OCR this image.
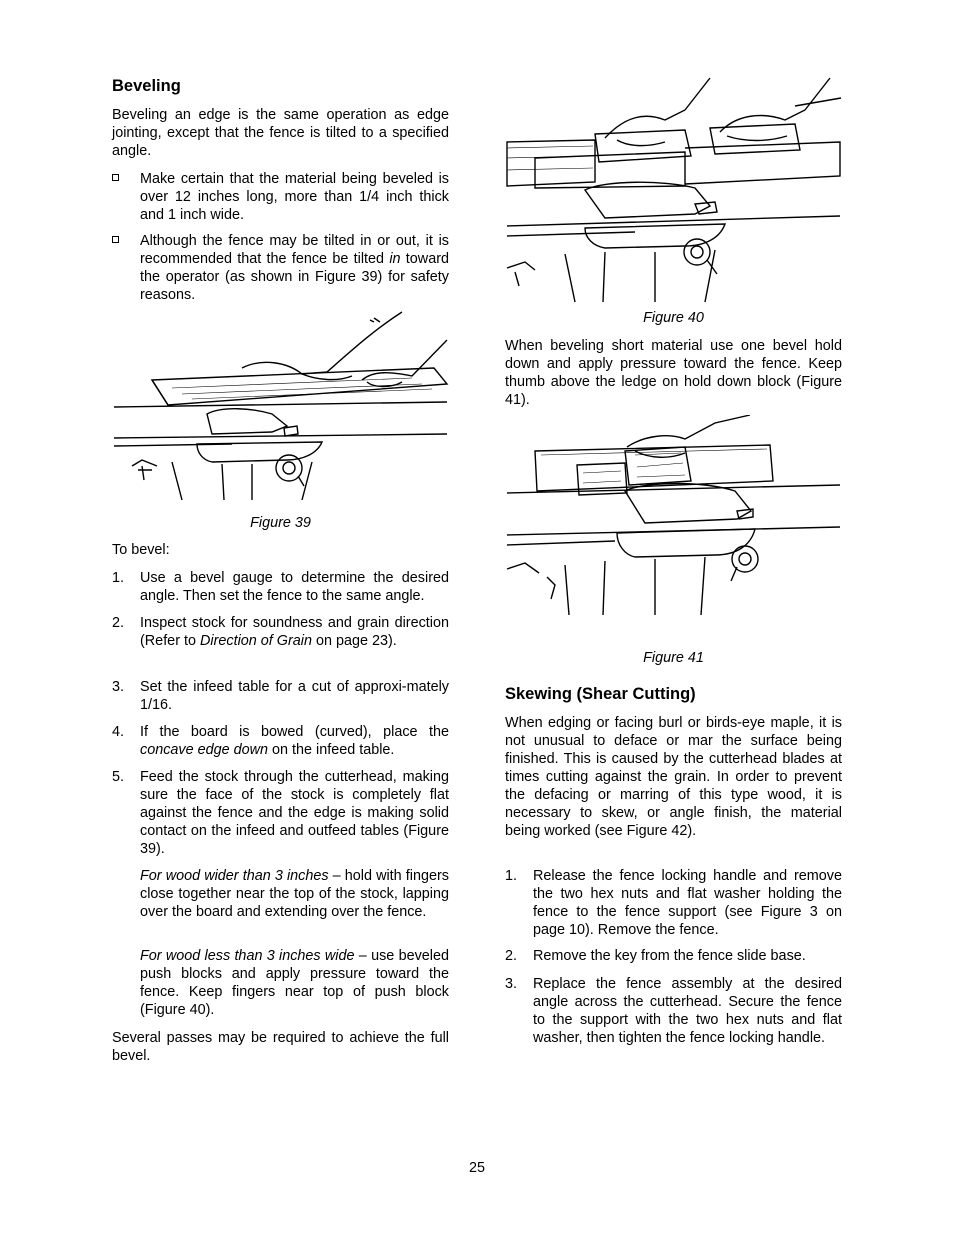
Beveling

Beveling an edge is the same operation as edge jointing, except that the fence is tilted to a specified angle.

Make certain that the material being beveled is over 12 inches long, more than 1/4 inch thick and 1 inch wide.
Although the fence may be tilted in or out, it is recommended that the fence be tilted in toward the operator (as shown in Figure 39) for safety reasons.
Figure 39

To bevel:

1. Use a bevel gauge to determine the desired angle. Then set the fence to the same angle.
2. Inspect stock for soundness and grain direction (Refer to Direction of Grain on page 23).
3. Set the infeed table for a cut of approxi-mately 1/16.
4. If the board is bowed (curved), place the concave edge down on the infeed table.
5. Feed the stock through the cutterhead, making sure the face of the stock is completely flat against the fence and the edge is making solid contact on the infeed and outfeed tables (Figure 39).
For wood wider than 3 inches – hold with fingers close together near the top of the stock, lapping over the board and extending over the fence.
For wood less than 3 inches wide – use beveled push blocks and apply pressure toward the fence. Keep fingers near top of push block (Figure 40).

Several passes may be required to achieve the full bevel.

Figure 40

When beveling short material use one bevel hold down and apply pressure toward the fence. Keep thumb above the ledge on hold down block (Figure 41).

Figure 41
Skewing (Shear Cutting)

When edging or facing burl or birds-eye maple, it is not unusual to deface or mar the surface being finished. This is caused by the cutterhead blades at times cutting against the grain. In order to prevent the defacing or marring of this type wood, it is necessary to skew, or angle finish, the material being worked (see Figure 42).

1. Release the fence locking handle and remove the two hex nuts and flat washer holding the fence to the fence support (see Figure 3 on page 10). Remove the fence.
2. Remove the key from the fence slide base.
3. Replace the fence assembly at the desired angle across the cutterhead. Secure the fence to the support with the two hex nuts and flat washer, then tighten the fence locking handle.
25
